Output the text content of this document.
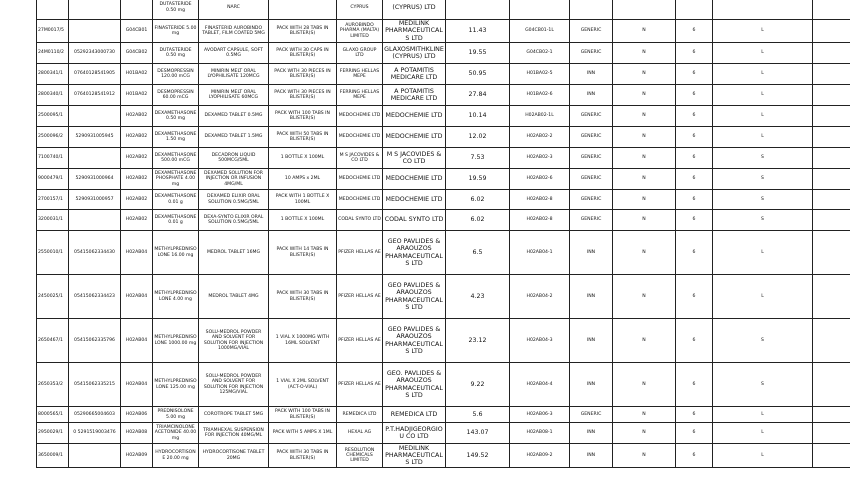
			DUTASTERIDE 0.50 mg	NARC		CYPRUS	(CYPRUS) LTD							
27M0017/5		G04CB01	FINASTERIDE 5.00 mg	FINASTERID AUROBINDO TABLET, FILM COATED 5MG	PACK WITH 28 TABS IN BLISTER(S)	AUROBINDO PHARMA (MALTA) LIMITED	MEDILINK PHARMACEUTICAL S LTD	11.43	G04CB01-1L	GENERIC	N	6	L	
24M0110/2	05292343000730	G04CB02	DUTASTERIDE 0.50 mg	AVODART CAPSULE, SOFT 0.5MG	PACK WITH 30 CAPS IN BLISTER(S)	GLAXO GROUP LTD	GLAXOSMITHKLINE (CYPRUS) LTD	19.55	G04CB02-1	GENERIC	N	6	L	
2800341/1	07640128541905	H01BA02	DESMOPRESSIN 120.00 mCG	MINIRIN MELT ORAL LYOPHILISATE 120MCG	PACK WITH 30 PIECES IN BLISTER(S)	FERRING HELLAS MEPE	A POTAMITIS MEDICARE LTD	50.95	H01BA02-5	INN	N	6	L	
2800340/1	07640128541912	H01BA02	DESMOPRESSIN 60.00 mCG	MINIRIN MELT ORAL LYOPHILISATE 60MCG	PACK WITH 30 PIECES IN BLISTER(S)	FERRING HELLAS MEPE	A POTAMITIS MEDICARE LTD	27.84	H01BA02-6	INN	N	6	L	
2500095/1		H02AB02	DEXAMETHASONE 0.50 mg	DEXAMED TABLET 0.5MG	PACK WITH 100 TABS IN BLISTER(S)	MEDOCHEMIE LTD	MEDOCHEMIE LTD	10.14	H02AB02-1L	GENERIC	N	6	L	
2500096/2	5290931005945	H02AB02	DEXAMETHASONE 1.50 mg	DEXAMED TABLET 1.5MG	PACK WITH 50 TABS IN BLISTER(S)	MEDOCHEMIE LTD	MEDOCHEMIE LTD	12.02	H02AB02-2	GENERIC	N	6	L	
7100740/1		H02AB02	DEXAMETHASONE 500.00 mCG	DECADRON LIQUID 500MCG/5ML	1 BOTTLE X 100ML	M S JACOVIDES & CO LTD	M S JACOVIDES & CO LTD	7.53	H02AB02-3	GENERIC	N	6	S	
9000479/1	5290931000964	H02AB02	DEXAMETHASONE PHOSPHATE 4.00 mg	DEXAMED SOLUTION FOR INJECTION OR INFUSION 4MG/ML	10 AMPS x 2ML	MEDOCHEMIE LTD	MEDOCHEMIE LTD	19.59	H02AB02-6	GENERIC	N	6	S	
2700157/1	5290931000957	H02AB02	DEXAMETHASONE 0.01 g	DEXAMED ELIXIR ORAL SOLUTION 0.5MG/5ML	PACK WITH 1 BOTTLE X 100ML	MEDOCHEMIE LTD	MEDOCHEMIE LTD	6.02	H02AB02-8	GENERIC	N	6	S	
3200031/1		H02AB02	DEXAMETHASONE 0.01 g	DEXA-SYNTO ELIXIR ORAL SOLUTION 0.5MG/5ML	1 BOTTLE X 100ML	CODAL SYNTO LTD	CODAL SYNTO LTD	6.02	H02AB02-8	GENERIC	N	6	S	
2550010/1	05415062334430	H02AB04	METHYLPREDNISO LONE 16.00 mg	MEDROL TABLET 16MG	PACK WITH 14 TABS IN BLISTER(S)	PFIZER HELLAS AE	GEO PAVLIDES & ARAOUZOS PHARMACEUTICAL S LTD	6.5	H02AB04-1	INN	N	6	L	
2450025/1	05415062334423	H02AB04	METHYLPREDNISO LONE 4.00 mg	MEDROL TABLET 4MG	PACK WITH 30 TABS IN BLISTER(S)	PFIZER HELLAS AE	GEO PAVLIDES & ARAOUZOS PHARMACEUTICAL S LTD	4.23	H02AB04-2	INN	N	6	L	
2650467/1	05415062335796	H02AB04	METHYLPREDNISO LONE 1000.00 mg	SOLU-MEDROL POWDER AND SOLVENT FOR SOLUTION FOR INJECTION 1000MG/VIAL	1 VIAL X 1000MG WITH 16ML SOLVENT	PFIZER HELLAS AE	GEO PAVLIDES & ARAOUZOS PHARMACEUTICAL S LTD	23.12	H02AB04-3	INN	N	6	S	
2650353/2	05415062335215	H02AB04	METHYLPREDNISO LONE 125.00 mg	SOLU-MEDROL POWDER AND SOLVENT FOR SOLUTION FOR INJECTION 125MG/VIAL	1 VIAL X 2ML SOLVENT (ACT-O-VIAL)	PFIZER HELLAS AE	GEO. PAVLIDES & ARAOUZOS PHARMACEUTICAL S LTD	9.22	H02AB04-4	INN	N	6	S	
8000565/1	05290665004603	H02AB06	PREDNISOLONE 5.00 mg	COROTROPE TABLET 5MG	PACK WITH 100 TABS IN BLISTER(S)	REMEDICA LTD	REMEDICA LTD	5.6	H02AB06-3	GENERIC	N	6	L	
2950029/1	0 5291519003476	H02AB08	TRIAMCINOLONE ACETONIDE 40.00 mg	TRIAMHEXAL SUSPENSION FOR INJECTION 40MG/ML	PACK WITH 5 AMPS X 1ML	HEXAL AG	P.T.HADJIGEORGIO U CO LTD	143.07	H02AB08-1	INN	N	6	L	
3650009/1		H02AB09	HYDROCORTISONE 20.00 mg	HYDROCORTISONE TABLET 20MG	PACK WITH 30 TABS IN BLISTER(S)	RESOLUTION CHEMICALS LIMITED	MEDILINK PHARMACEUTICAL S LTD	149.52	H02AB09-2	INN	N	6	L	
